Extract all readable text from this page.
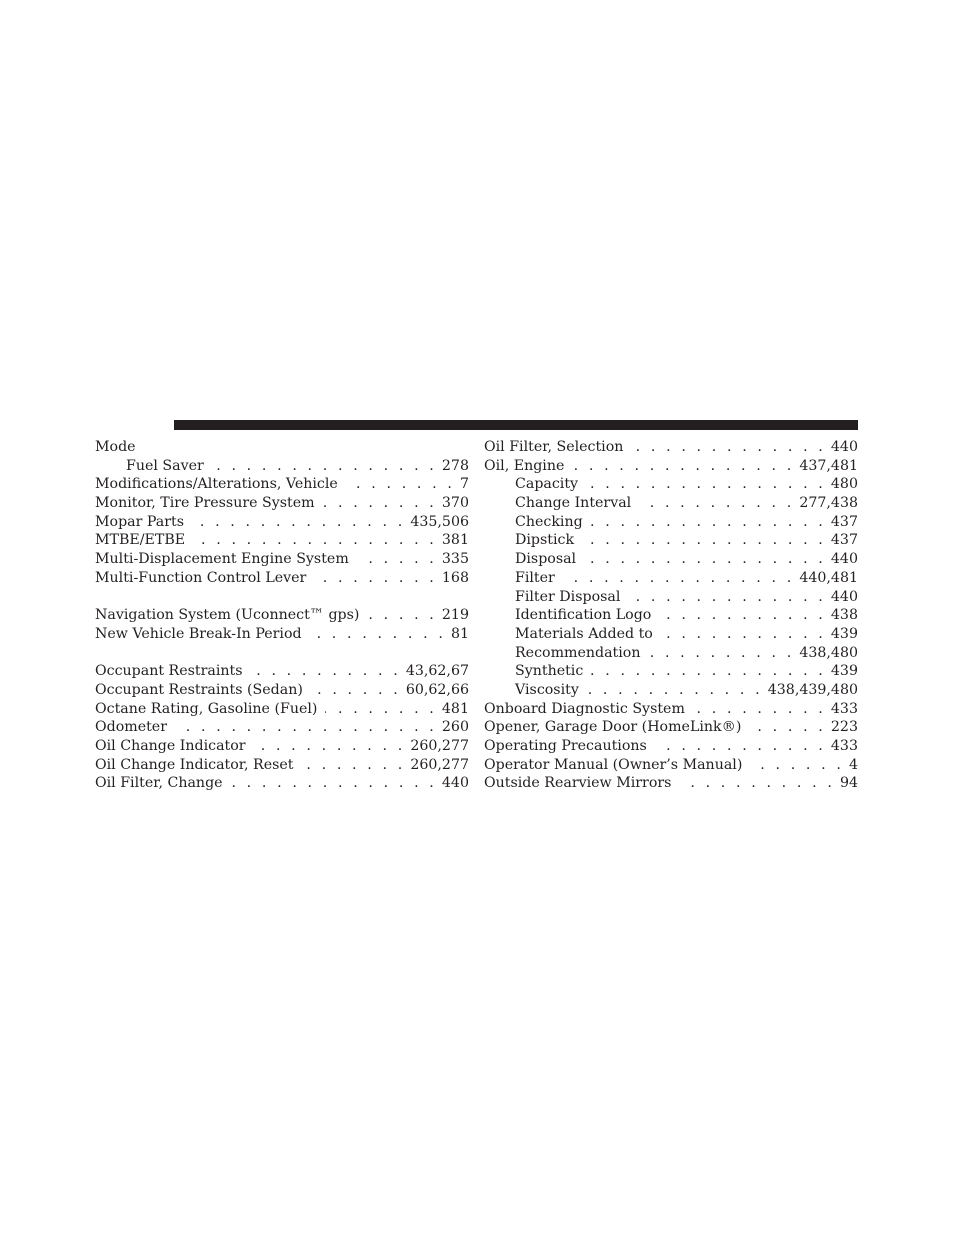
Mode
Fuel Saver . . .	278
Modifications/Alterations, Vehicle . . .	7
Monitor, Tire Pressure System . . .	370
Mopar Parts . . .	435,506
MTBE/ETBE . . .	381
Multi-Displacement Engine System . . .	335
Multi-Function Control Lever . . .	168
Navigation System (Uconnect™ gps) . . .	219
New Vehicle Break-In Period . . .	81
Occupant Restraints . . .	43,62,67
Occupant Restraints (Sedan) . . .	60,62,66
Octane Rating, Gasoline (Fuel) . . .	481
Odometer . . .	260
Oil Change Indicator . . .	260,277
Oil Change Indicator, Reset . . .	260,277
Oil Filter, Change . . .	440
Oil Filter, Selection . . .	440
Oil, Engine . . .	437,481
Capacity . . .	480
Change Interval . . .	277,438
Checking . . .	437
Dipstick . . .	437
Disposal . . .	440
Filter . . .	440,481
Filter Disposal . . .	440
Identification Logo . . .	438
Materials Added to . . .	439
Recommendation . . .	438,480
Synthetic . . .	439
Viscosity . . .	438,439,480
Onboard Diagnostic System . . .	433
Opener, Garage Door (HomeLink®) . . .	223
Operating Precautions . . .	433
Operator Manual (Owner’s Manual) . . .	4
Outside Rearview Mirrors . . .	94
